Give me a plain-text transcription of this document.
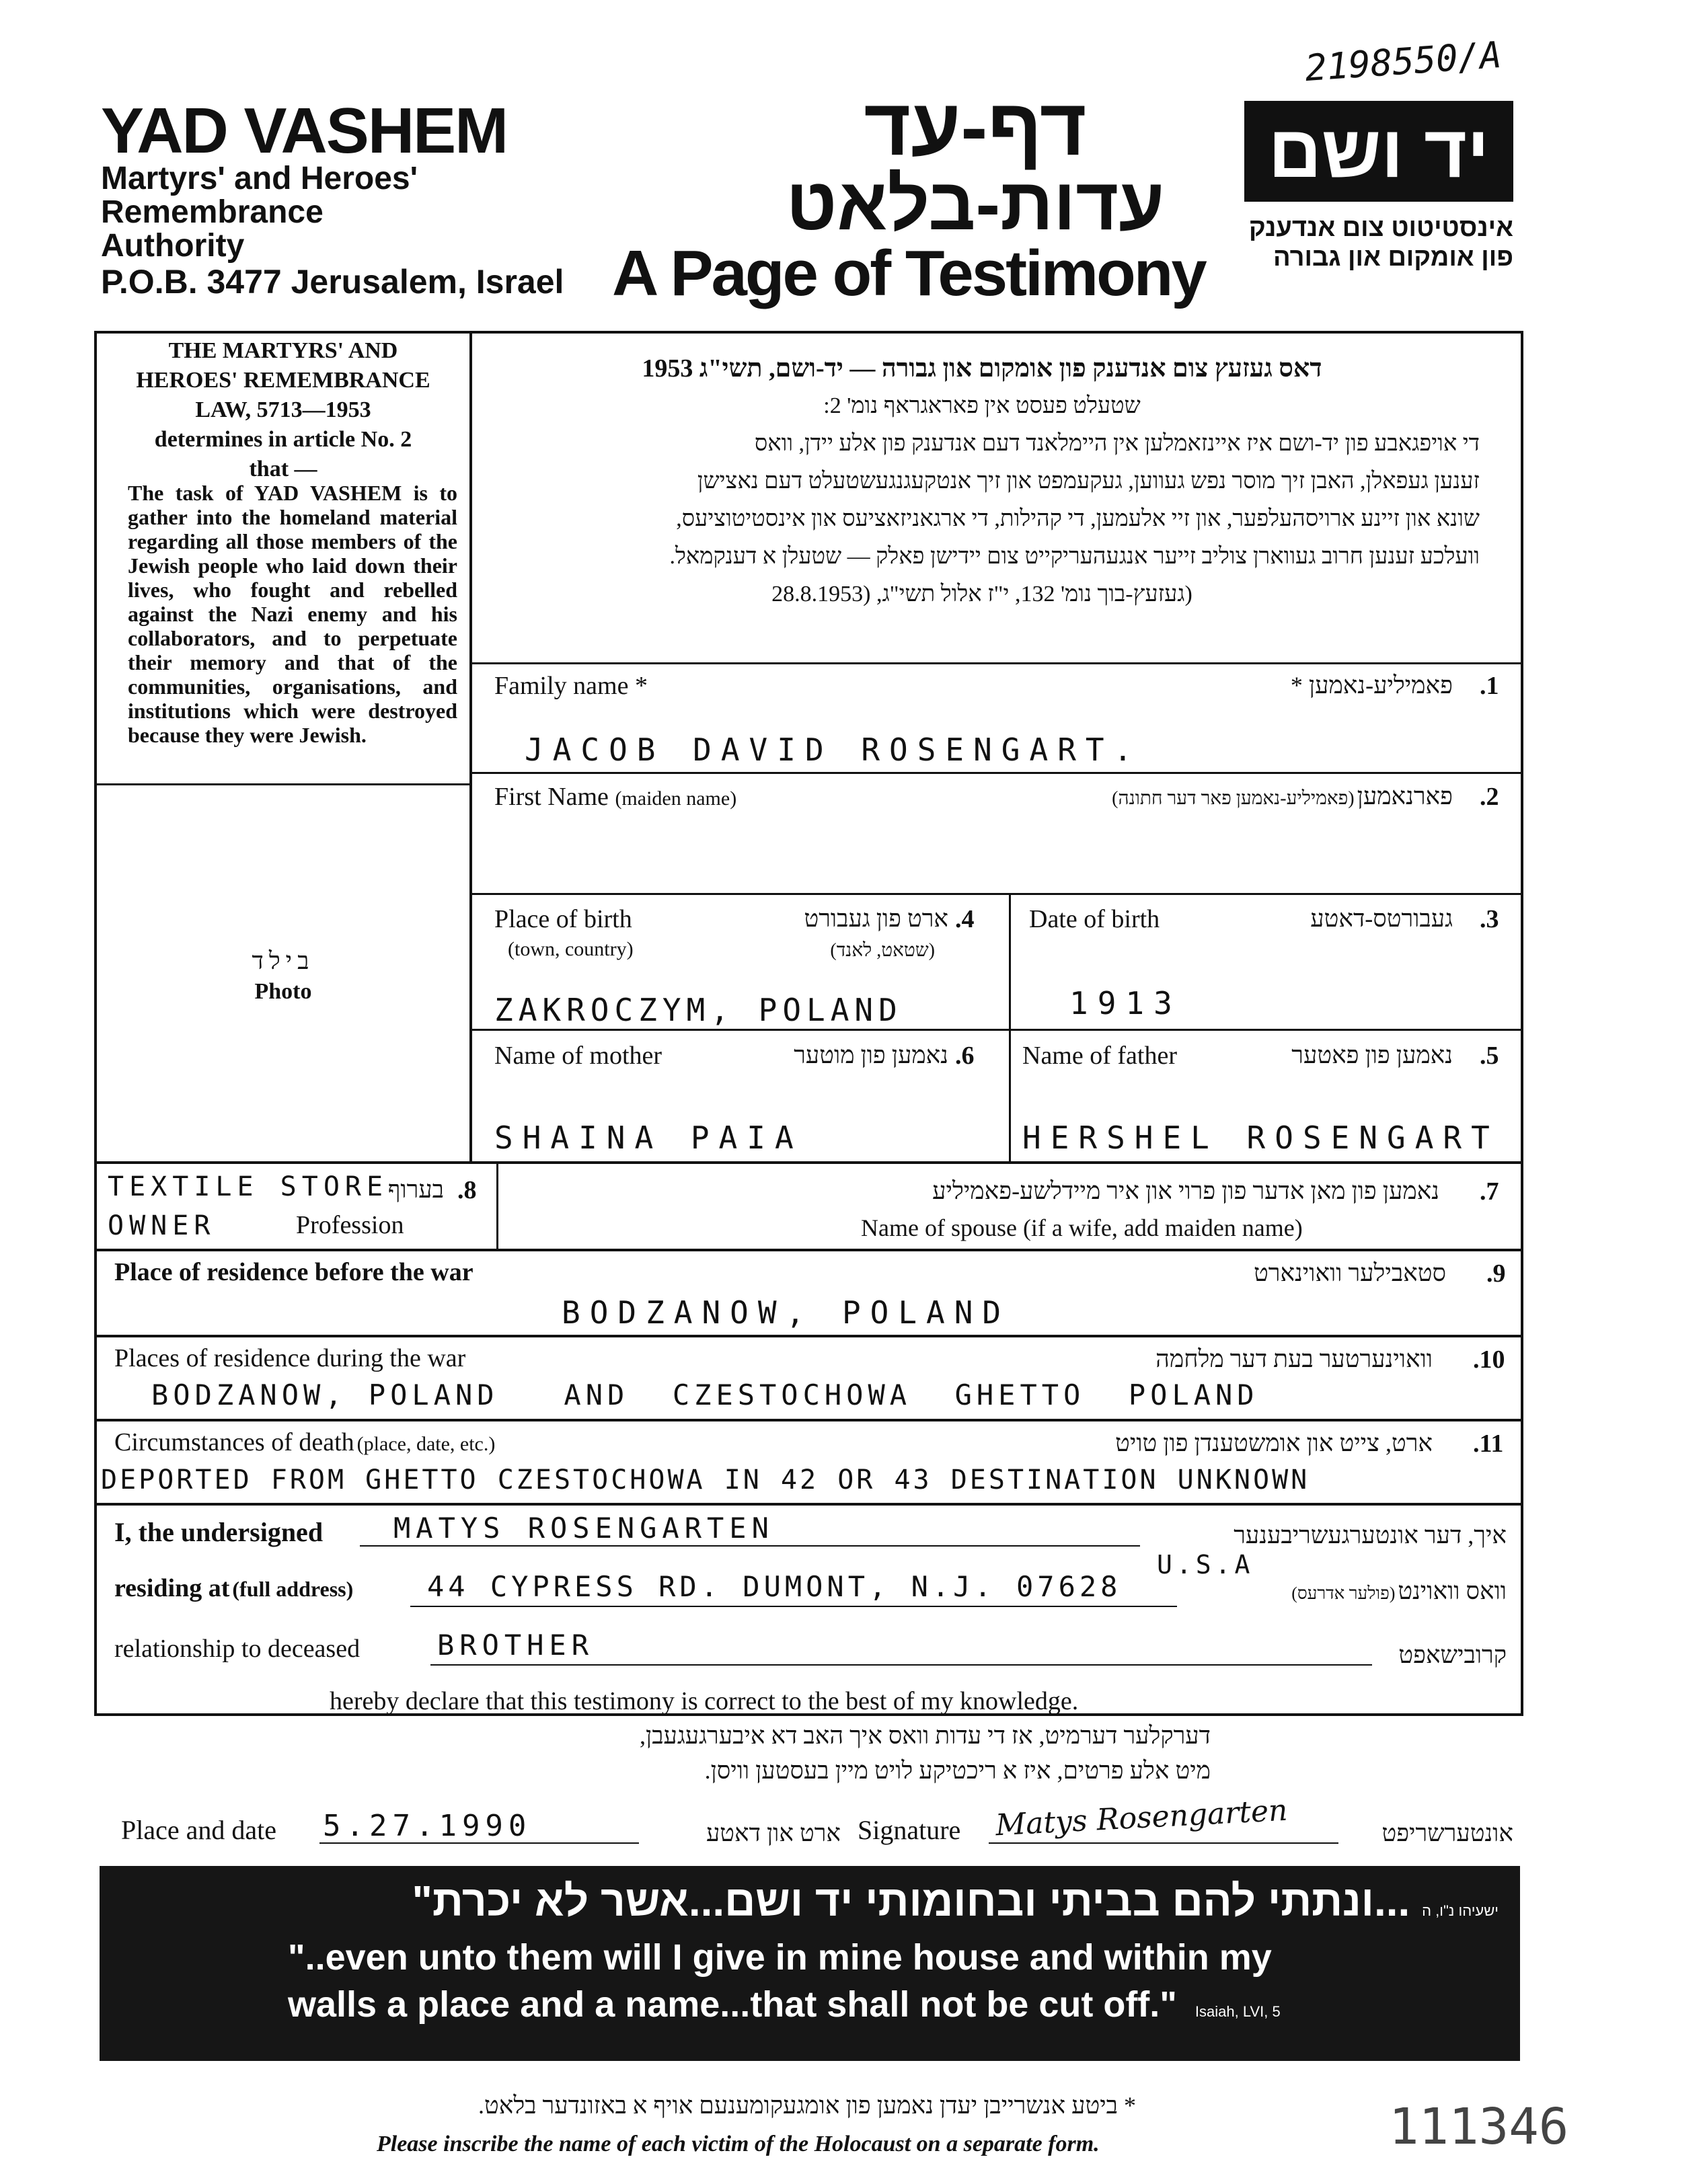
2198550/A
YAD VASHEM
Martyrs' and Heroes'
Remembrance
Authority
P.O.B. 3477 Jerusalem, Israel
דף-עד
עדות-בלאט
A Page of Testimony
יד ושם
אינסטיטוט צום אנדענק
פון אומקום און גבורה
THE MARTYRS' AND
HEROES' REMEMBRANCE
LAW, 5713—1953
determines in article No. 2
that —
The task of YAD VASHEM is to gather into the homeland material regarding all those members of the Jewish people who laid down their lives, who fought and rebelled against the Nazi enemy and his collaborators, and to perpetuate their memory and that of the communities, organisations, and institutions which were destroyed because they were Jewish.
בילד
Photo
דאס געזעץ צום אנדענק פון אומקום און גבורה — יד-ושם, תשי"ג 1953
שטעלט פעסט אין פאראגראף נומ' 2:
די אויפגאבע פון יד-ושם איז איינזאמלען אין היימלאנד דעם אנדענק פון אלע יידן, וואס
זענען געפאלן, האבן זיך מוסר נפש געווען, געקעמפט און זיך אנטקעגנגעשטעלט דעם נאצישן
שונא און זיינע ארויסהעלפער, און זיי אלעמען, די קהילות, די ארגאניזאציעס און אינסטיטוציעס,
וועלכע זענען חרוב געווארן צוליב זייער אנגעהעריקייט צום יידישן פאלק — שטעלן א דענקמאל.
(געזעץ-בוך נומ' 132, י"ז אלול תשי"ג, (28.8.1953
Family name *	פאמיליע-נאמען * .1
JACOB DAVID ROSENGART.
First Name (maiden name)	פארנאמען (פאמיליע-נאמען פאר דער חתונה)	.2
Place of birth
(town, country)
ארט פון געבורט
(שטאט, לאנד)
.4
ZAKROCZYM, POLAND
Date of birth	געבורטס-דאטע .3
1913
Name of mother	נאמען פון מוטער .6
SHAINA PAIA
Name of father	נאמען פון פאטער .5
HERSHEL ROSENGART
TEXTILE STORE בערוף .8
OWNER	Profession
נאמען פון מאן אדער פון פרוי און איר מיידלשע-פאמיליע .7
Name of spouse (if a wife, add maiden name)
Place of residence before the war	סטאבילער וואוינארט .9
BODZANOW, POLAND
Places of residence during the war	וואוינערטער בעת דער מלחמה .10
BODZANOW, POLAND   AND  CZESTOCHOWA  GHETTO  POLAND
Circumstances of death (place, date, etc.)	ארט, צייט און אומשטענדן פון טויט .11
DEPORTED FROM GHETTO CZESTOCHOWA IN 42 OR 43 DESTINATION UNKNOWN
I, the undersigned MATYS ROSENGARTEN	איך, דער אונטערגעשריבענער
residing at (full address)	44 CYPRESS RD. DUMONT, N.J. 07628
U.S.A
וואס וואוינט (פולער אדרעס)
relationship to deceased	BROTHER	קרובישאפט
hereby declare that this testimony is correct to the best of my knowledge.
דערקלער דערמיט, אז די עדות וואס איך האב דא איבערגעגעבן,
מיט אלע פרטים, איז א ריכטיקע לויט מיין בעסטען וויסן.
Place and date 5.27.1990	ארט און דאטע Signature Matys Rosengarten	אונטערשריפט
ישעיהו נ"ו, ה ...ונתתי להם בביתי ובחומותי יד ושם...אשר לא יכרת"
"..even unto them will I give in mine house and within my
walls a place and a name...that shall not be cut off." Isaiah, LVI, 5
* ביטע אנשרייבן יעדן נאמען פון אומגעקומענעם אויף א באזונדער בלאט.
Please inscribe the name of each victim of the Holocaust on a separate form.	111346
